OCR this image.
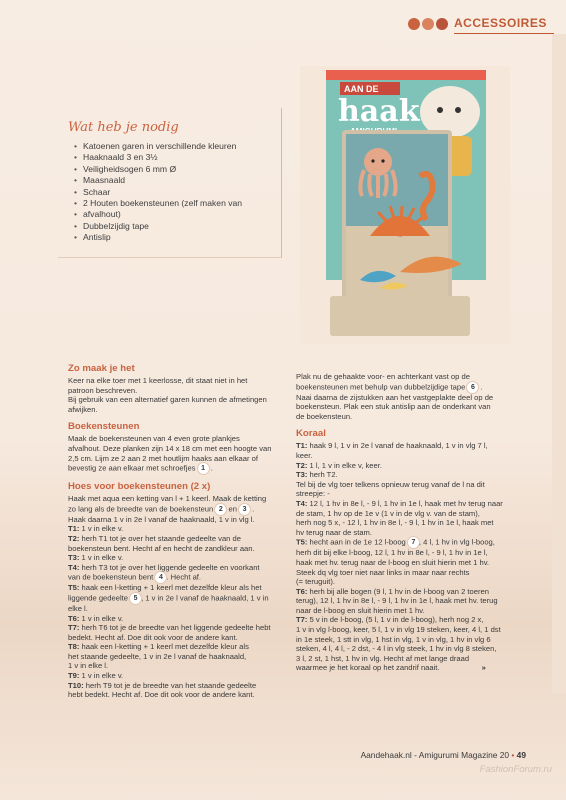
ACCESSOIRES
Wat heb je nodig
• Katoenen garen in verschillende kleuren
• Haaknaald 3 en 3½
• Veiligheidsogen 6 mm Ø
• Maasnaald
• Schaar
• 2 Houten boekensteunen (zelf maken van
• afvalhout)
• Dubbelzijdig tape
• Antislip
AAN DE
haak
Zo maak je het
Keer na elke toer met 1 keerlosse, dit staat niet in het
patroon beschreven.
Bij gebruik van een alternatief garen kunnen de afmetingen
afwijken.
Boekensteunen
Maak de boekensteunen van 4 even grote plankjes
afvalhout. Deze planken zijn 14 x 18 cm met een hoogte van
2,5 cm. Lijm ze 2 aan 2 met houtlijm haaks aan elkaar of
bevestig ze aan elkaar met schroefjes 1 .
Hoes voor boekensteunen (2 x)
Haak met aqua een ketting van l + 1 keerl. Maak de ketting
zo lang als de breedte van de boekensteun 2 en 3 .
Haak daarna 1 v in 2e l vanaf de haaknaald, 1 v in vlg l.
T1: 1 v in elke v.
T2: herh T1 tot je over het staande gedeelte van de
boekensteun bent. Hecht af en hecht de zandkleur aan.
T3: 1 v in elke v.
T4: herh T3 tot je over het liggende gedeelte en voorkant
van de boekensteun bent 4 . Hecht af.
T5: haak een l-ketting + 1 keerl met dezelfde kleur als het
liggende gedeelte 5 , 1 v in 2e l vanaf de haaknaald, 1 v in
elke l.
T6: 1 v in elke v.
T7: herh T6 tot je de breedte van het liggende gedeelte hebt
bedekt. Hecht af. Doe dit ook voor de andere kant.
T8: haak een l-ketting + 1 keerl met dezelfde kleur als
het staande gedeelte, 1 v in 2e l vanaf de haaknaald,
1 v in elke l.
T9: 1 v in elke v.
T10: herh T9 tot je de breedte van het staande gedeelte
hebt bedekt. Hecht af. Doe dit ook voor de andere kant.
Plak nu de gehaakte voor- en achterkant vast op de
boekensteunen met behulp van dubbelzijdige tape 6 .
Naai daarna de zijstukken aan het vastgeplakte deel op de
boekensteun. Plak een stuk antislip aan de onderkant van
de boekensteun.
Koraal
T1: haak 9 l, 1 v in 2e l vanaf de haaknaald, 1 v in vlg 7 l,
keer.
T2: 1 l, 1 v in elke v, keer.
T3: herh T2.
Tel bij de vlg toer telkens opnieuw terug vanaf de l na dit
streepje: -
T4: 12 l, 1 hv in 8e l, - 9 l, 1 hv in 1e l, haak met hv terug naar
de stam, 1 hv op de 1e v (1 v in de vlg v. van de stam),
herh nog 5 x, - 12 l, 1 hv in 8e l, - 9 l, 1 hv in 1e l, haak met
hv terug naar de stam.
T5: hecht aan in de 1e 12 l-boog 7 , 4 l, 1 hv in vlg l-boog,
herh dit bij elke l-boog, 12 l, 1 hv in 8e l, - 9 l, 1 hv in 1e l,
haak met hv. terug naar de l-boog en sluit hierin met 1 hv.
Steek dq vlg toer niet naar links in maar naar rechts
(= teruguit).
T6: herh bij alle bogen (9 l, 1 hv in de l-boog van 2 toeren
terug), 12 l, 1 hv in 8e l, - 9 l, 1 hv in 1e l, haak met hv. terug
naar de l-boog en sluit hierin met 1 hv.
T7: 5 v in de l-boog, (5 l, 1 v in de l-boog), herh nog 2 x,
1 v in vlg l-boog, keer, 5 l, 1 v in vlg 19 steken, keer, 4 l, 1 dst
in 1e steek, 1 stt in vlg, 1 hst in vlg, 1 v in vlg, 1 hv in vlg 6
steken, 4 l, 4 l, - 2 dst, - 4 l in vlg steek, 1 hv in vlg 8 steken,
3 l, 2 st, 1 hst, 1 hv in vlg. Hecht af met lange draad
waarmee je het koraal op het zandrif naait.	»
Aandehaak.nl - Amigurumi Magazine 20 • 49
FashionForum.ru
